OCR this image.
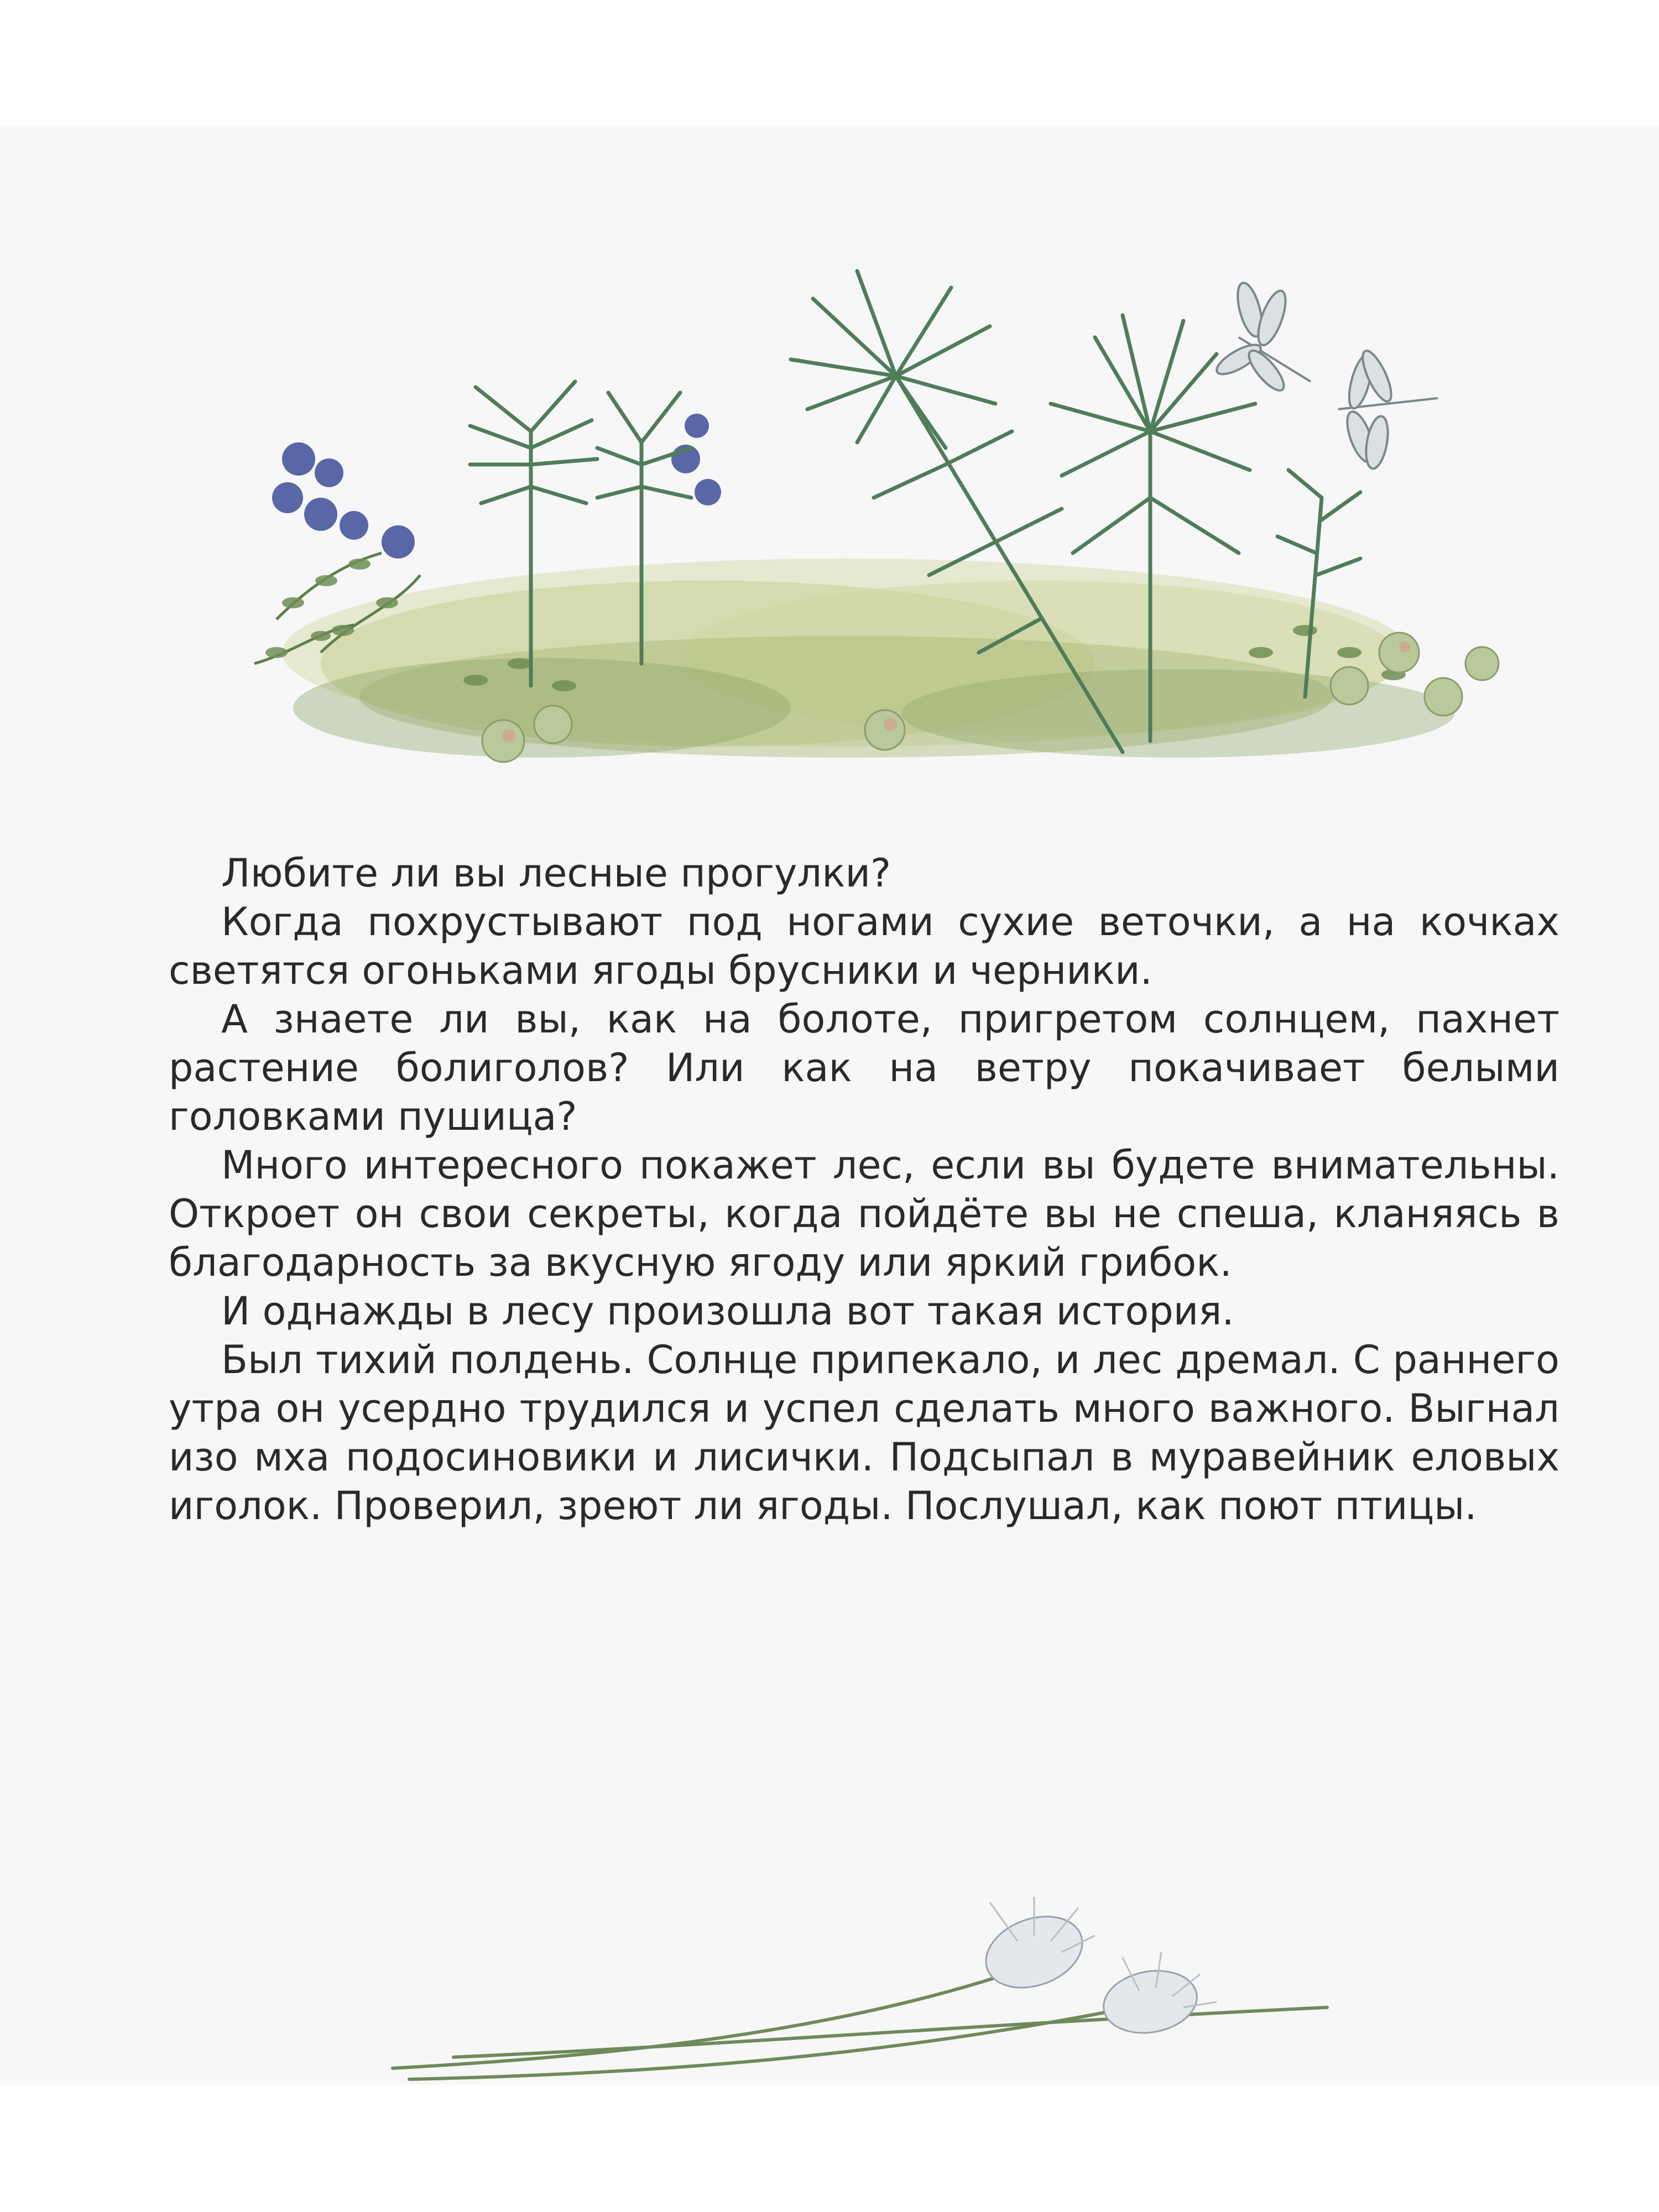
Любите ли вы лесные прогулки?

Когда похрустывают под ногами сухие веточки, а на кочках светятся огоньками ягоды брусники и черники.

А знаете ли вы, как на болоте, пригретом солнцем, пахнет растение болиголов? Или как на ветру покачивает белыми головками пушица?

Много интересного покажет лес, если вы будете внимательны. Откроет он свои секреты, когда пойдёте вы не спеша, кланяясь в благодарность за вкусную ягоду или яркий грибок.

И однажды в лесу произошла вот такая история.

Был тихий полдень. Солнце припекало, и лес дремал. С раннего утра он усердно трудился и успел сделать много важного. Выгнал изо мха подосиновики и лисички. Подсыпал в муравейник еловых иголок. Проверил, зреют ли ягоды. Послушал, как поют птицы.
